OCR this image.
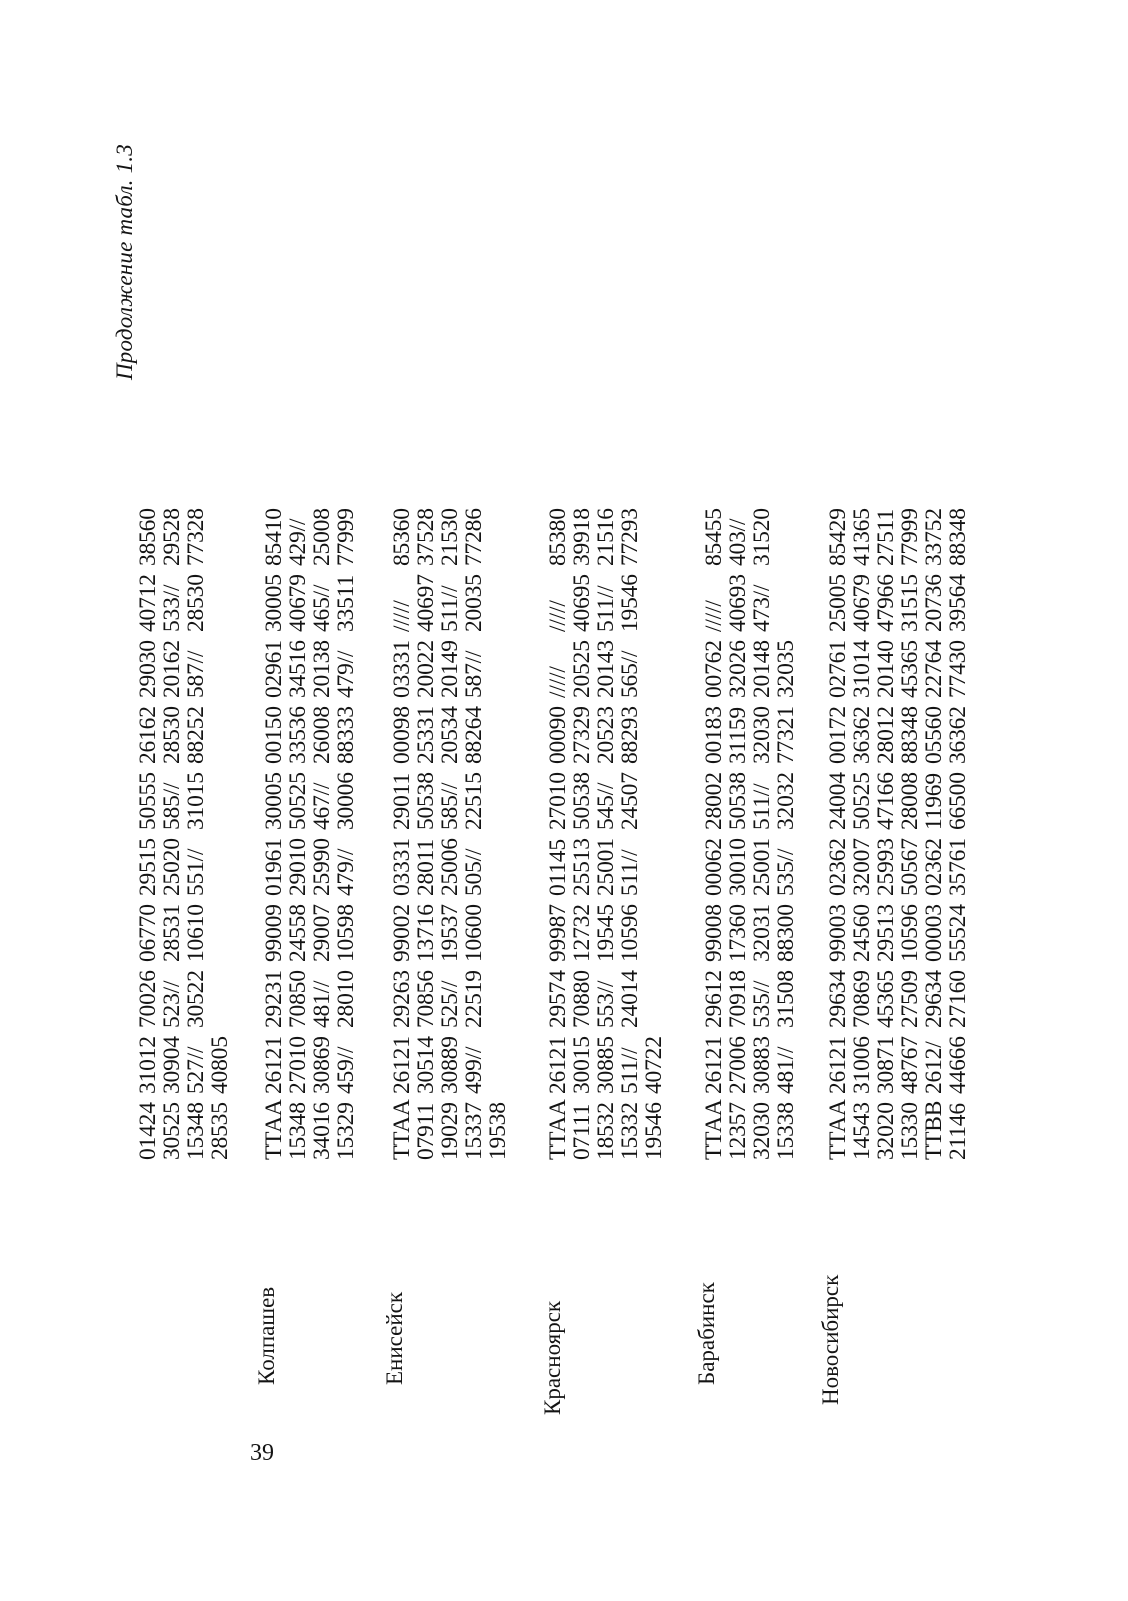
Продолжение табл. 1.3
01424310127002606770295155055526162290304071238560
3052530904523//2853125020585//2853020162533//29528
15348527//3052210610551//3101588252587//2853077328
2853540805
Колпашев
ТТАА261212923199009019613000500150029613000585410
153482701070850245582901050525335363451640679429//
3401630869481//2900725990467//2600820138465//25008
15329459//2801010598479//3000688333479//3351177999
Енисейск
ТТАА26121292639900203331290110009803331/////85360
07911305147085613716280115053825331200224069737528
1902930889525//1953725006585//2053420149511//21530
15337499//2251910600505//2251588264587//2003577286
19538
Красноярск
ТТАА261212957499987011452701000090//////////85380
07111300157088012732255135053827329205254069539918
1853230885553//1954525001545//2052320143511//21516
15332511//2401410596511//2450788293565//1954677293
1954640722
Барабинск
ТТАА26121296129900800062280020018300762/////85455
123572700670918173603001050538311593202640693403//
3203030883535//3203125001511//3203020148473//31520
15338481//3150888300535//320327732132035
Новосибирск
ТТАА261212963499003023622400400172027612500585429
14543310067086924560320075052536362310144067941365
32020308714536529513259934716628012201404796627511
15330487672750910596505672800888348453653151577999
ТТВВ2612/2963400003023621196905560227642073633752
21146446662716055524357616650036362774303956488348
39
